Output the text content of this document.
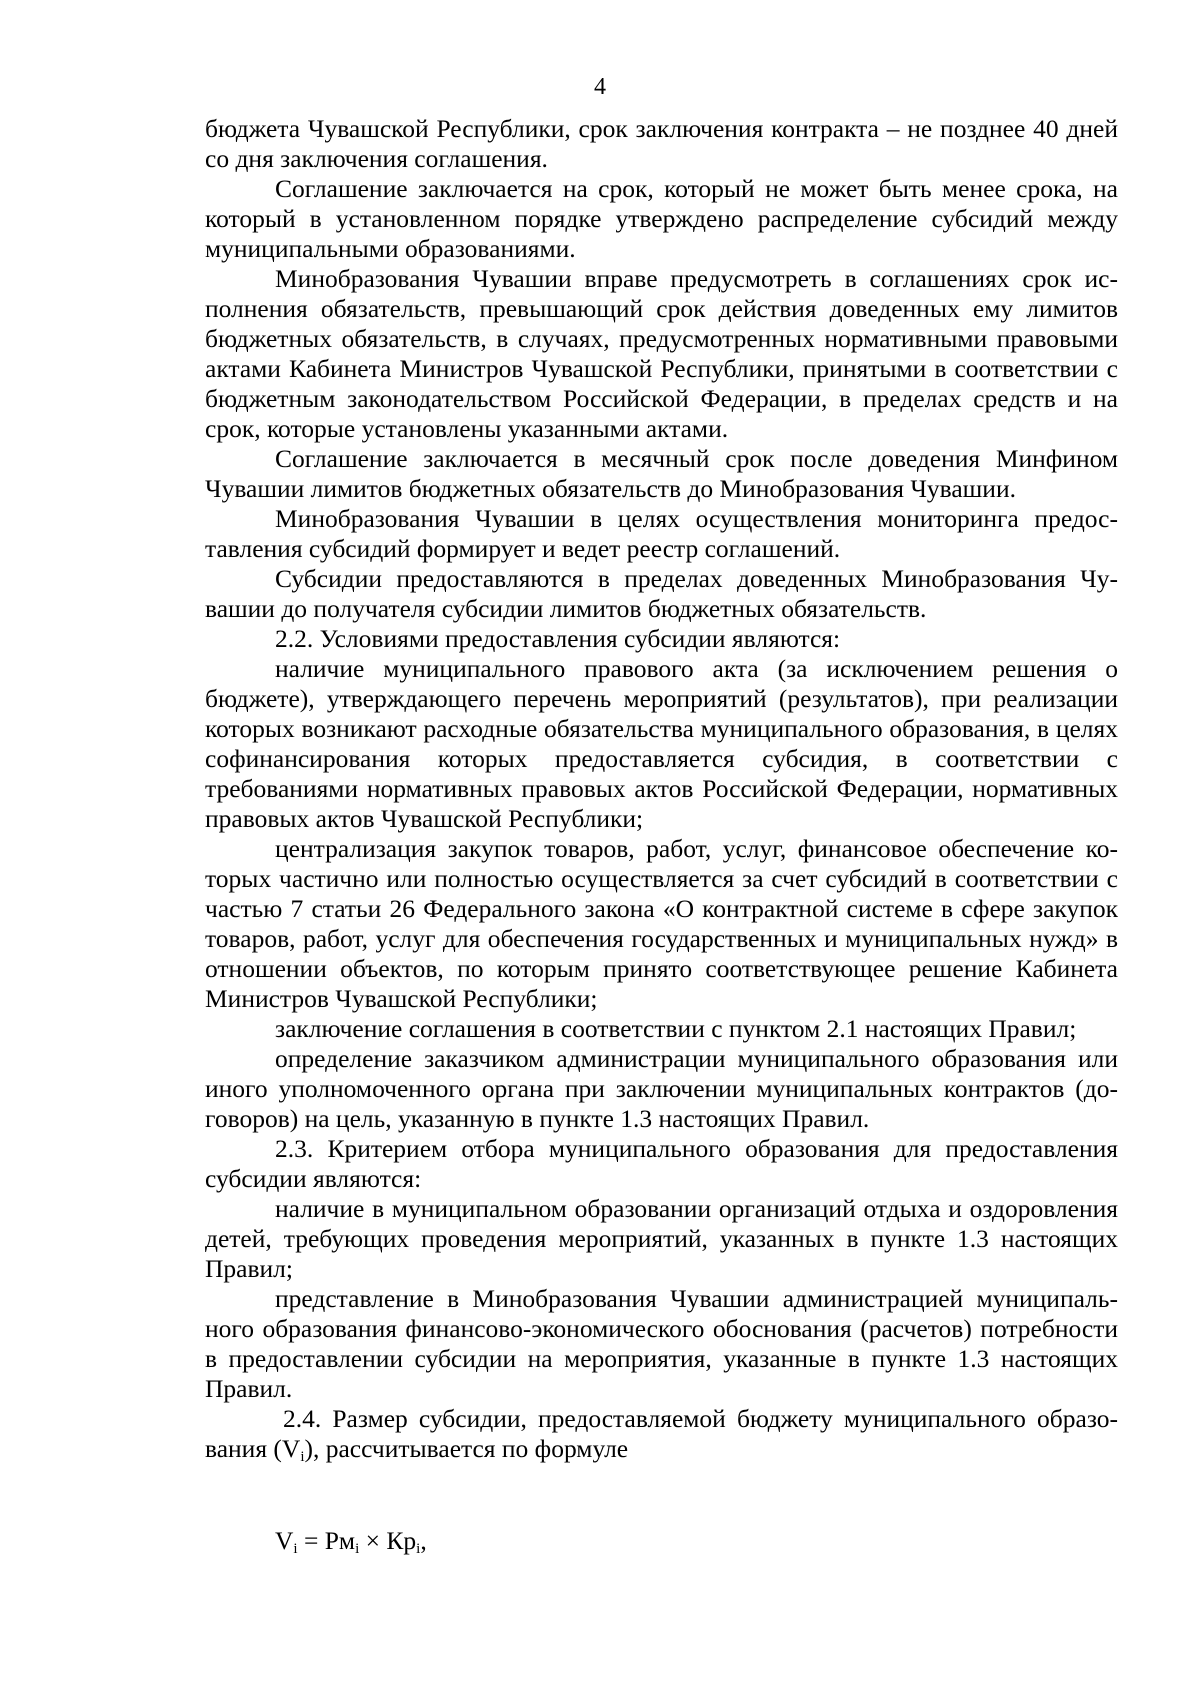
4

бюджета Чувашской Республики, срок заключения контракта – не позднее 40 дней со дня заключения соглашения.

Соглашение заключается на срок, который не может быть менее срока, на который в установленном порядке утверждено распределение субсидий между муниципальными образованиями.

Минобразования Чувашии вправе предусмотреть в соглашениях срок исполнения обязательств, превышающий срок действия доведенных ему лимитов бюджетных обязательств, в случаях, предусмотренных нормативными правовыми актами Кабинета Министров Чувашской Республики, принятыми в соответствии с бюджетным законодательством Российской Федерации, в пределах средств и на срок, которые установлены указанными актами.

Соглашение заключается в месячный срок после доведения Минфином Чувашии лимитов бюджетных обязательств до Минобразования Чувашии.

Минобразования Чувашии в целях осуществления мониторинга предоставления субсидий формирует и ведет реестр соглашений.

Субсидии предоставляются в пределах доведенных Минобразования Чувашии до получателя субсидии лимитов бюджетных обязательств.

2.2. Условиями предоставления субсидии являются:

наличие муниципального правового акта (за исключением решения о бюджете), утверждающего перечень мероприятий (результатов), при реализации которых возникают расходные обязательства муниципального образования, в целях софинансирования которых предоставляется субсидия, в соответствии с требованиями нормативных правовых актов Российской Федерации, нормативных правовых актов Чувашской Республики;

централизация закупок товаров, работ, услуг, финансовое обеспечение которых частично или полностью осуществляется за счет субсидий в соответствии с частью 7 статьи 26 Федерального закона «О контрактной системе в сфере закупок товаров, работ, услуг для обеспечения государственных и муниципальных нужд» в отношении объектов, по которым принято соответствующее решение Кабинета Министров Чувашской Республики;

заключение соглашения в соответствии с пунктом 2.1 настоящих Правил;

определение заказчиком администрации муниципального образования или иного уполномоченного органа при заключении муниципальных контрактов (договоров) на цель, указанную в пункте 1.3 настоящих Правил.

2.3. Критерием отбора муниципального образования для предоставления субсидии являются:

наличие в муниципальном образовании организаций отдыха и оздоровления детей, требующих проведения мероприятий, указанных в пункте 1.3 настоящих Правил;

представление в Минобразования Чувашии администрацией муниципального образования финансово-экономического обоснования (расчетов) потребности в предоставлении субсидии на мероприятия, указанные в пункте 1.3 настоящих Правил.

2.4. Размер субсидии, предоставляемой бюджету муниципального образования $(V_i)$, рассчитывается по формуле

$V_i = Рм_i \times Кр_i$,
